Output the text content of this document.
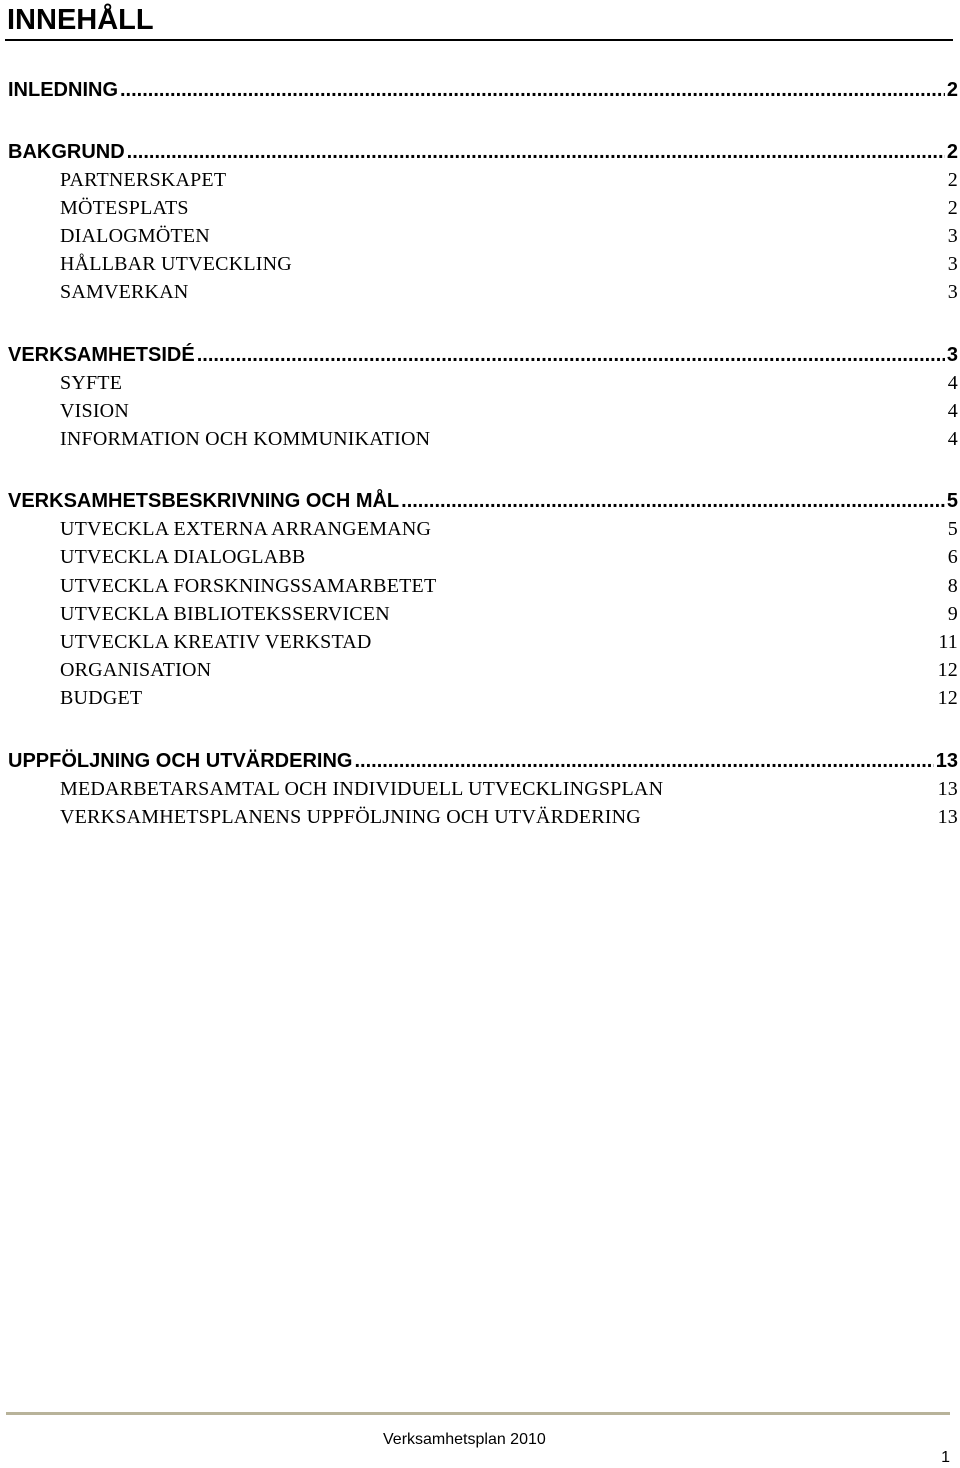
INNEHÅLL
INLEDNING .....	2
BAKGRUND .....	2
PARTNERSKAPET	2
MÖTESPLATS	2
DIALOGMÖTEN	3
HÅLLBAR UTVECKLING	3
SAMVERKAN	3
VERKSAMHETSIDÉ .....	3
SYFTE	4
VISION	4
INFORMATION OCH KOMMUNIKATION	4
VERKSAMHETSBESKRIVNING OCH MÅL .....	5
UTVECKLA EXTERNA ARRANGEMANG	5
UTVECKLA DIALOGLABB	6
UTVECKLA FORSKNINGSSAMARBETET	8
UTVECKLA BIBLIOTEKSSERVICEN	9
UTVECKLA KREATIV VERKSTAD	11
ORGANISATION	12
BUDGET	12
UPPFÖLJNING OCH UTVÄRDERING .....	13
MEDARBETARSAMTAL OCH INDIVIDUELL UTVECKLINGSPLAN	13
VERKSAMHETSPLANENS UPPFÖLJNING OCH UTVÄRDERING	13
Verksamhetsplan 2010
1
